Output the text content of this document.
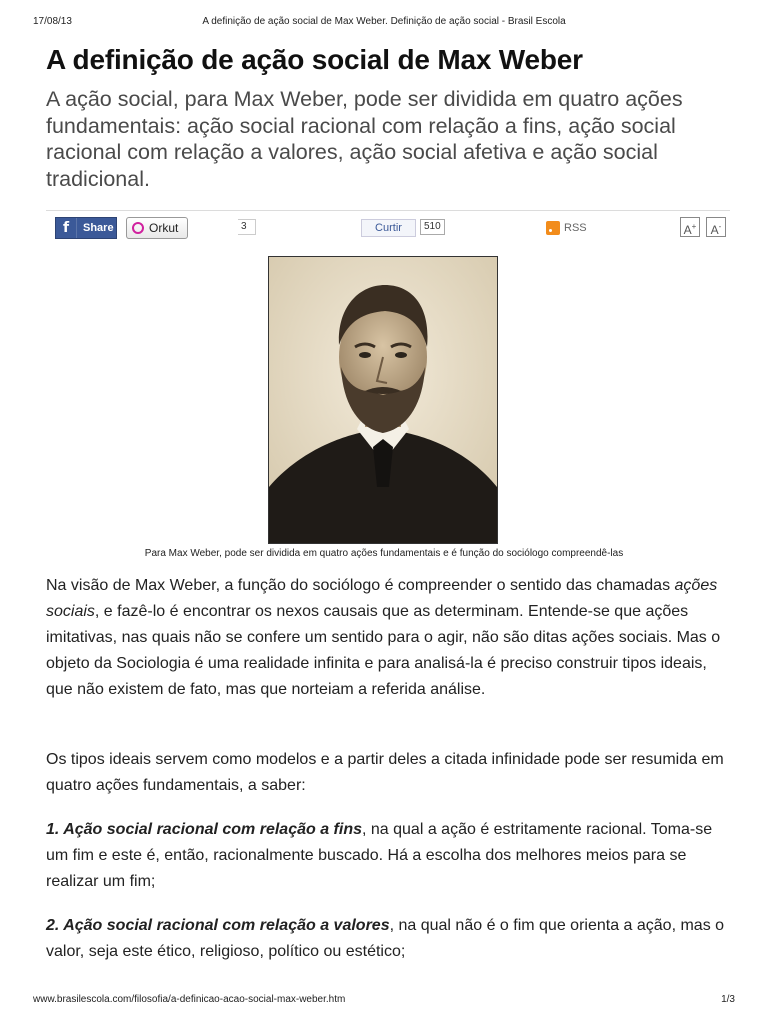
17/08/13	A definição de ação social de Max Weber. Definição de ação social - Brasil Escola
A definição de ação social de Max Weber

A ação social, para Max Weber, pode ser dividida em quatro ações fundamentais: ação social racional com relação a fins, ação social racional com relação a valores, ação social afetiva e ação social tradicional.

f	Share	Orkut	3	Curtir	510	RSS	A+	A-

Para Max Weber, pode ser dividida em quatro ações fundamentais e é função do sociólogo compreendê-las

Na visão de Max Weber, a função do sociólogo é compreender o sentido das chamadas ações sociais, e fazê-lo é encontrar os nexos causais que as determinam. Entende-se que ações imitativas, nas quais não se confere um sentido para o agir, não são ditas ações sociais. Mas o objeto da Sociologia é uma realidade infinita e para analisá-la é preciso construir tipos ideais, que não existem de fato, mas que norteiam a referida análise.

Os tipos ideais servem como modelos e a partir deles a citada infinidade pode ser resumida em quatro ações fundamentais, a saber:

1. Ação social racional com relação a fins, na qual a ação é estritamente racional. Toma-se um fim e este é, então, racionalmente buscado. Há a escolha dos melhores meios para se realizar um fim;

2. Ação social racional com relação a valores, na qual não é o fim que orienta a ação, mas o valor, seja este ético, religioso, político ou estético;

www.brasilescola.com/filosofia/a-definicao-acao-social-max-weber.htm	1/3
